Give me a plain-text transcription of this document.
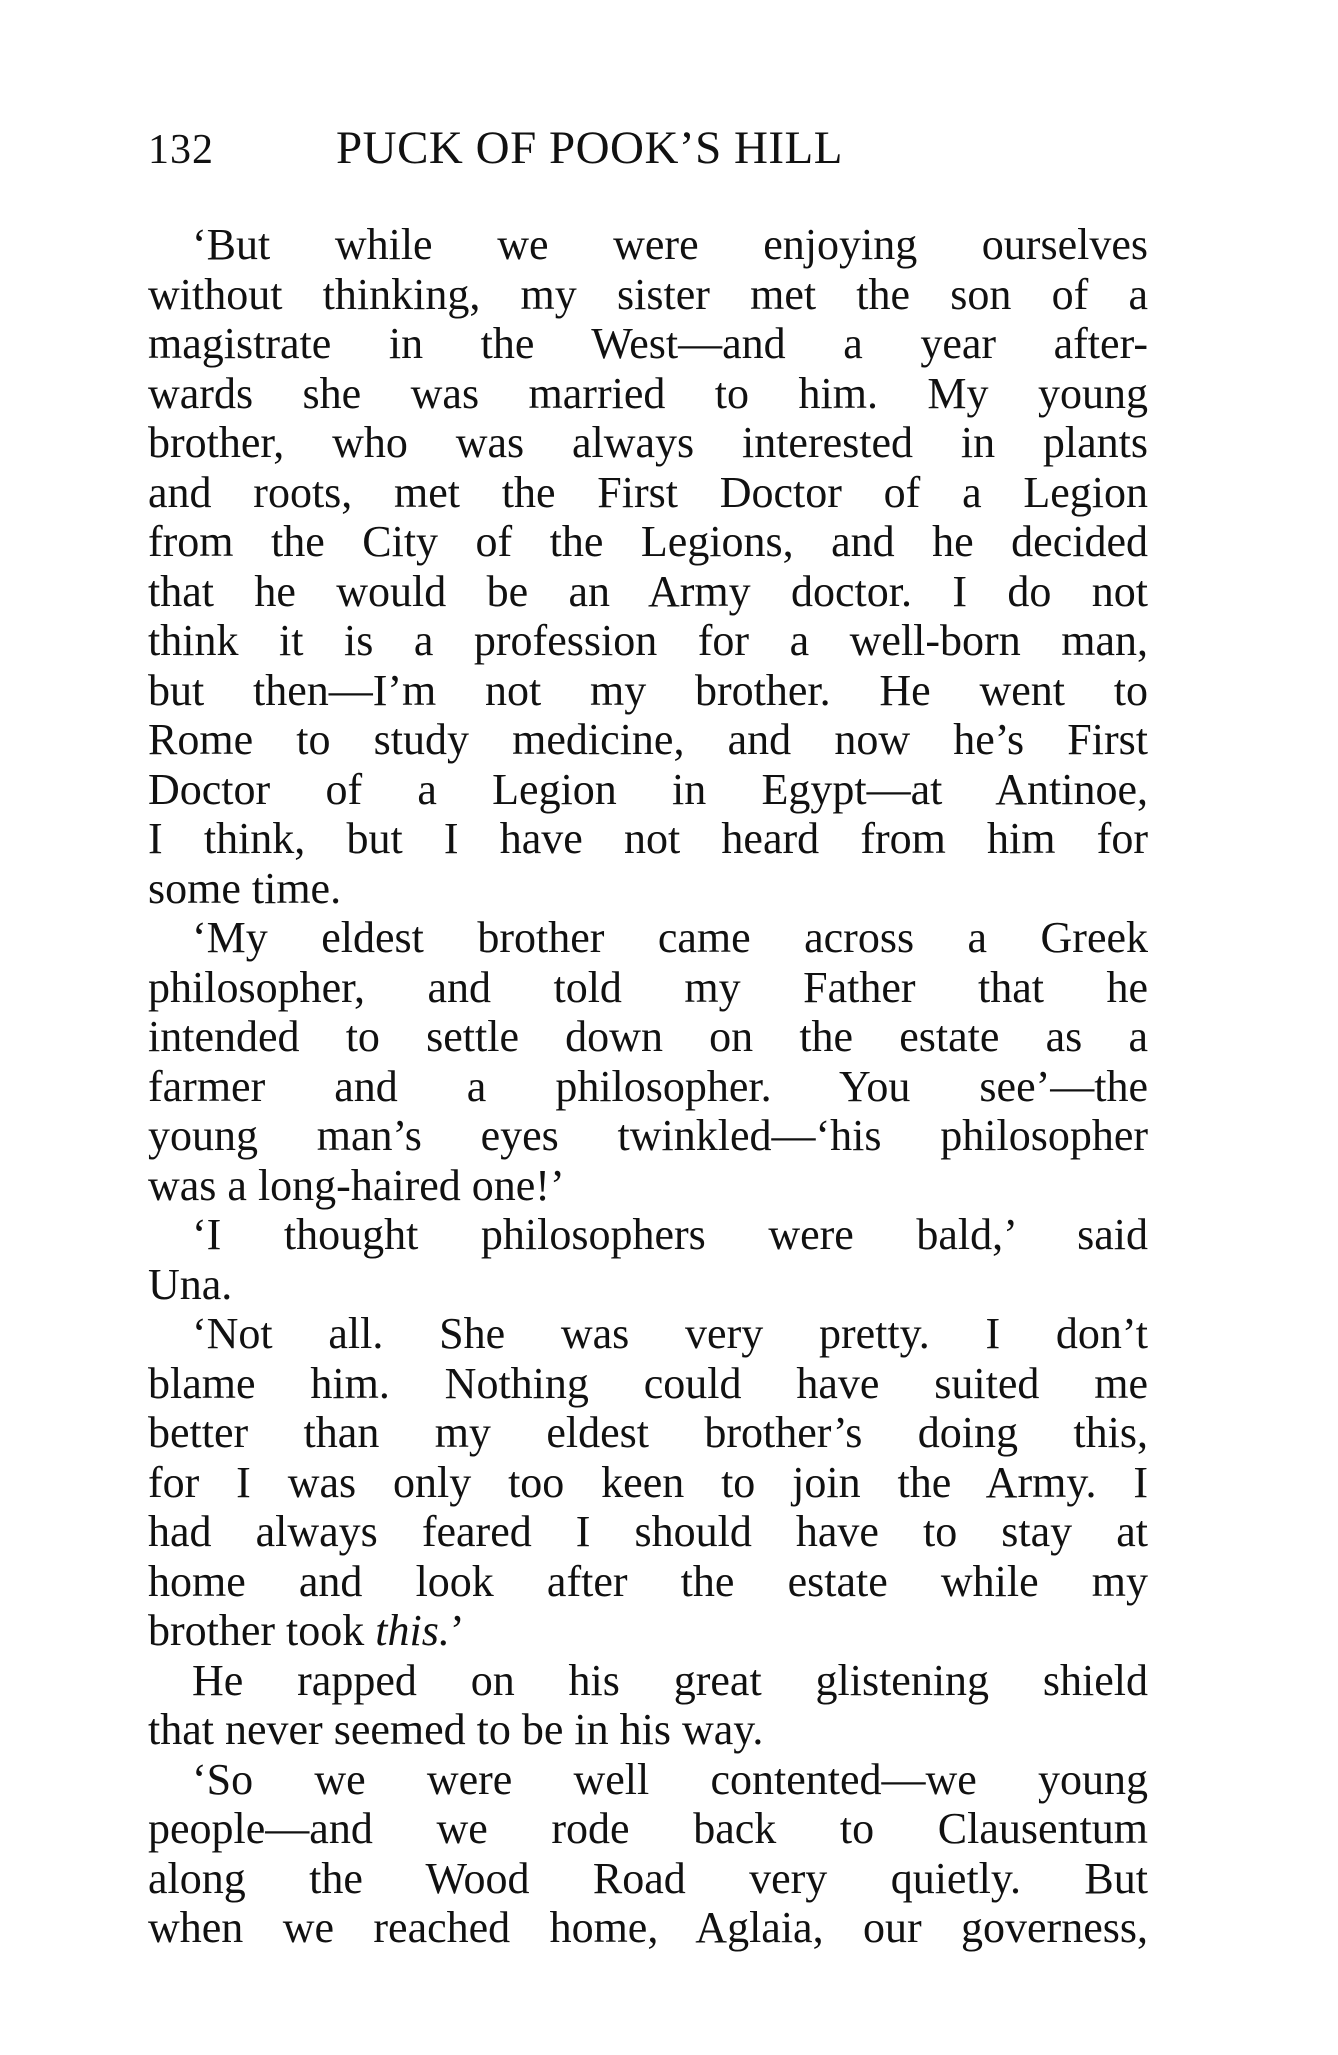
132	PUCK OF POOK’S HILL
‘But while we were enjoying ourselves
without thinking, my sister met the son of a
magistrate in the West—and a year after-
wards she was married to him. My young
brother, who was always interested in plants
and roots, met the First Doctor of a Legion
from the City of the Legions, and he decided
that he would be an Army doctor. I do not
think it is a profession for a well-born man,
but then—I’m not my brother. He went to
Rome to study medicine, and now he’s First
Doctor of a Legion in Egypt—at Antinoe,
I think, but I have not heard from him for
some time.
‘My eldest brother came across a Greek
philosopher, and told my Father that he
intended to settle down on the estate as a
farmer and a philosopher. You see’—the
young man’s eyes twinkled—‘his philosopher
was a long-haired one!’
‘I thought philosophers were bald,’ said
Una.
‘Not all. She was very pretty. I don’t
blame him. Nothing could have suited me
better than my eldest brother’s doing this,
for I was only too keen to join the Army. I
had always feared I should have to stay at
home and look after the estate while my
brother took this.’
He rapped on his great glistening shield
that never seemed to be in his way.
‘So we were well contented—we young
people—and we rode back to Clausentum
along the Wood Road very quietly. But
when we reached home, Aglaia, our governess,
